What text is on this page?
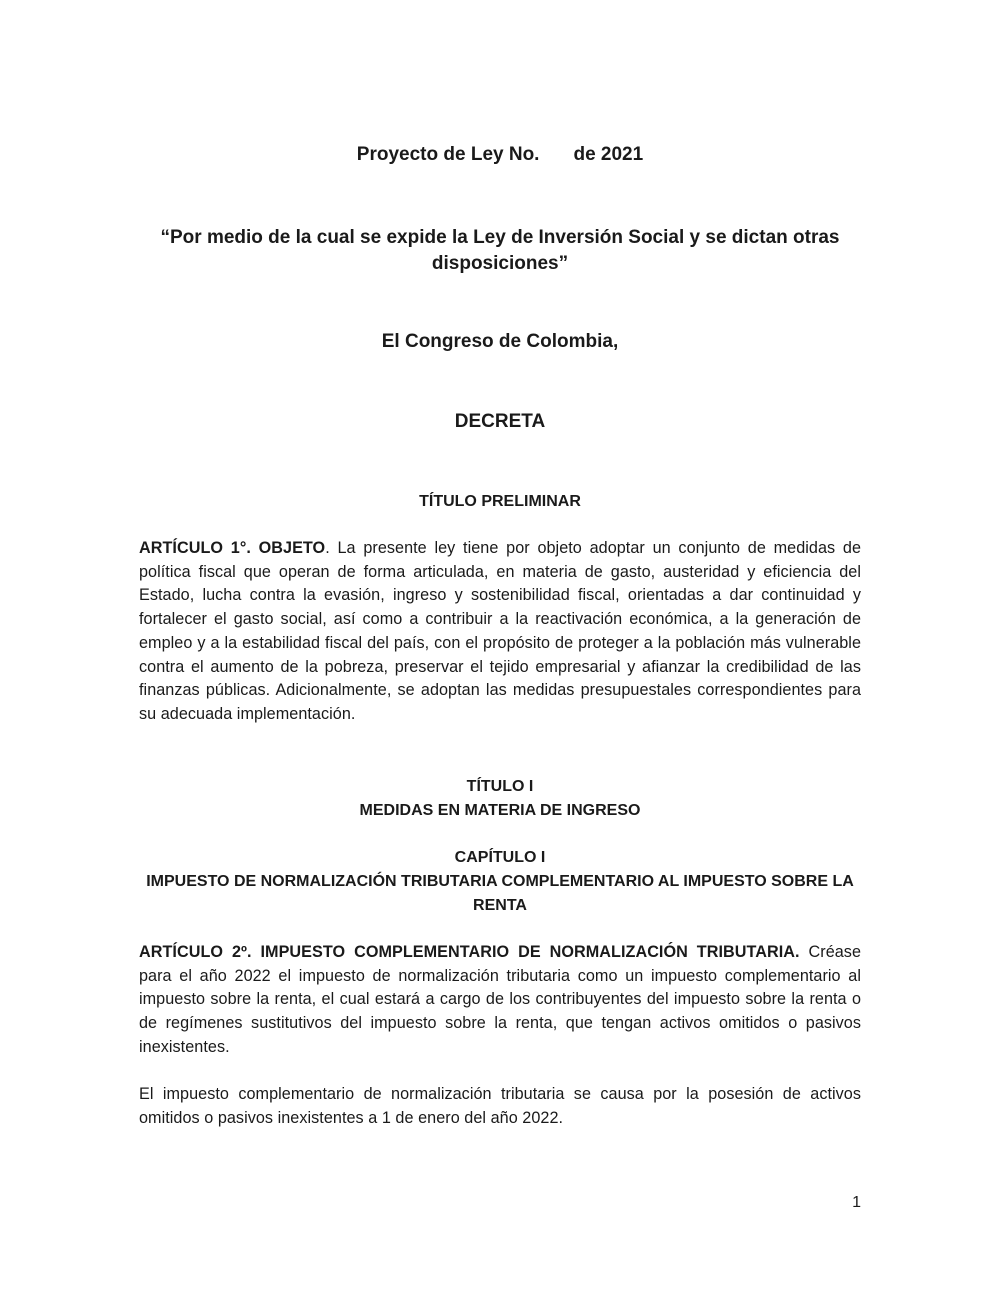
Proyecto de Ley No. de 2021

“Por medio de la cual se expide la Ley de Inversión Social y se dictan otras disposiciones”

El Congreso de Colombia,

DECRETA

TÍTULO PRELIMINAR

ARTÍCULO 1°. OBJETO. La presente ley tiene por objeto adoptar un conjunto de medidas de política fiscal que operan de forma articulada, en materia de gasto, austeridad y eficiencia del Estado, lucha contra la evasión, ingreso y sostenibilidad fiscal, orientadas a dar continuidad y fortalecer el gasto social, así como a contribuir a la reactivación económica, a la generación de empleo y a la estabilidad fiscal del país, con el propósito de proteger a la población más vulnerable contra el aumento de la pobreza, preservar el tejido empresarial y afianzar la credibilidad de las finanzas públicas. Adicionalmente, se adoptan las medidas presupuestales correspondientes para su adecuada implementación.

TÍTULO I
MEDIDAS EN MATERIA DE INGRESO
CAPÍTULO I
IMPUESTO DE NORMALIZACIÓN TRIBUTARIA COMPLEMENTARIO AL IMPUESTO SOBRE LA RENTA

ARTÍCULO 2º. IMPUESTO COMPLEMENTARIO DE NORMALIZACIÓN TRIBUTARIA. Créase para el año 2022 el impuesto de normalización tributaria como un impuesto complementario al impuesto sobre la renta, el cual estará a cargo de los contribuyentes del impuesto sobre la renta o de regímenes sustitutivos del impuesto sobre la renta, que tengan activos omitidos o pasivos inexistentes.

El impuesto complementario de normalización tributaria se causa por la posesión de activos omitidos o pasivos inexistentes a 1 de enero del año 2022.

1
